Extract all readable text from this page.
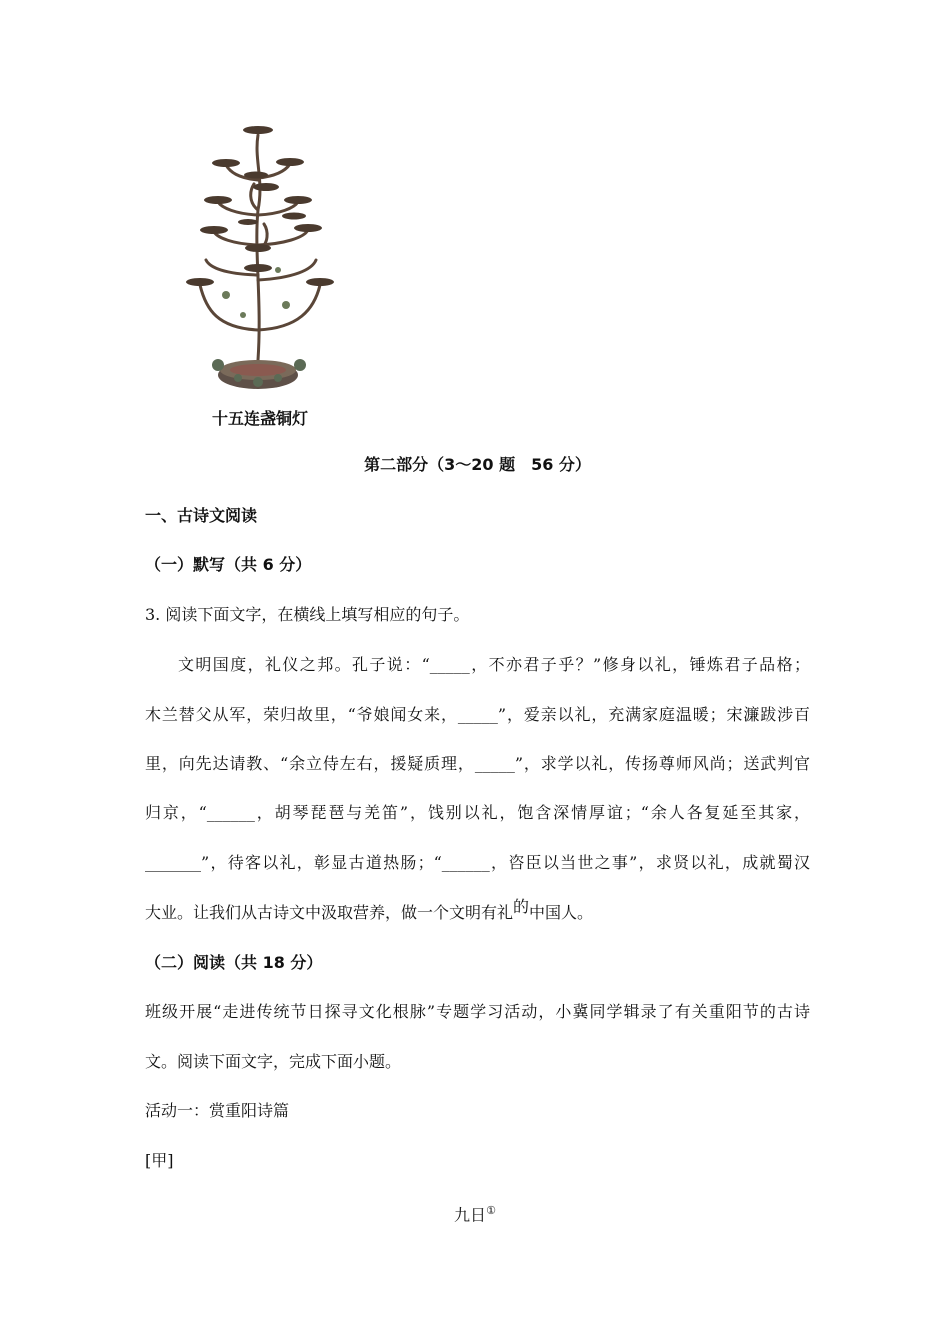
十五连盏铜灯
第二部分（3～20 题　56 分）
一、古诗文阅读
（一）默写（共 6 分）
3. 阅读下面文字，在横线上填写相应的句子。
文明国度，礼仪之邦。孔子说：“_____，不亦君子乎？”修身以礼，锤炼君子品格；
木兰替父从军，荣归故里，“爷娘闻女来，_____”，爱亲以礼，充满家庭温暖；宋濂跋涉百
里，向先达请教、“余立侍左右，援疑质理，_____”，求学以礼，传扬尊师风尚；送武判官
归京，“______，胡琴琵琶与羌笛”，饯别以礼，饱含深情厚谊；“余人各复延至其家，
_______”，待客以礼，彰显古道热肠；“______，咨臣以当世之事”，求贤以礼，成就蜀汉
大业。让我们从古诗文中汲取营养，做一个文明有礼的中国人。
（二）阅读（共 18 分）
班级开展“走进传统节日探寻文化根脉”专题学习活动，小冀同学辑录了有关重阳节的古诗
文。阅读下面文字，完成下面小题。
活动一：赏重阳诗篇
[甲]
九日①
